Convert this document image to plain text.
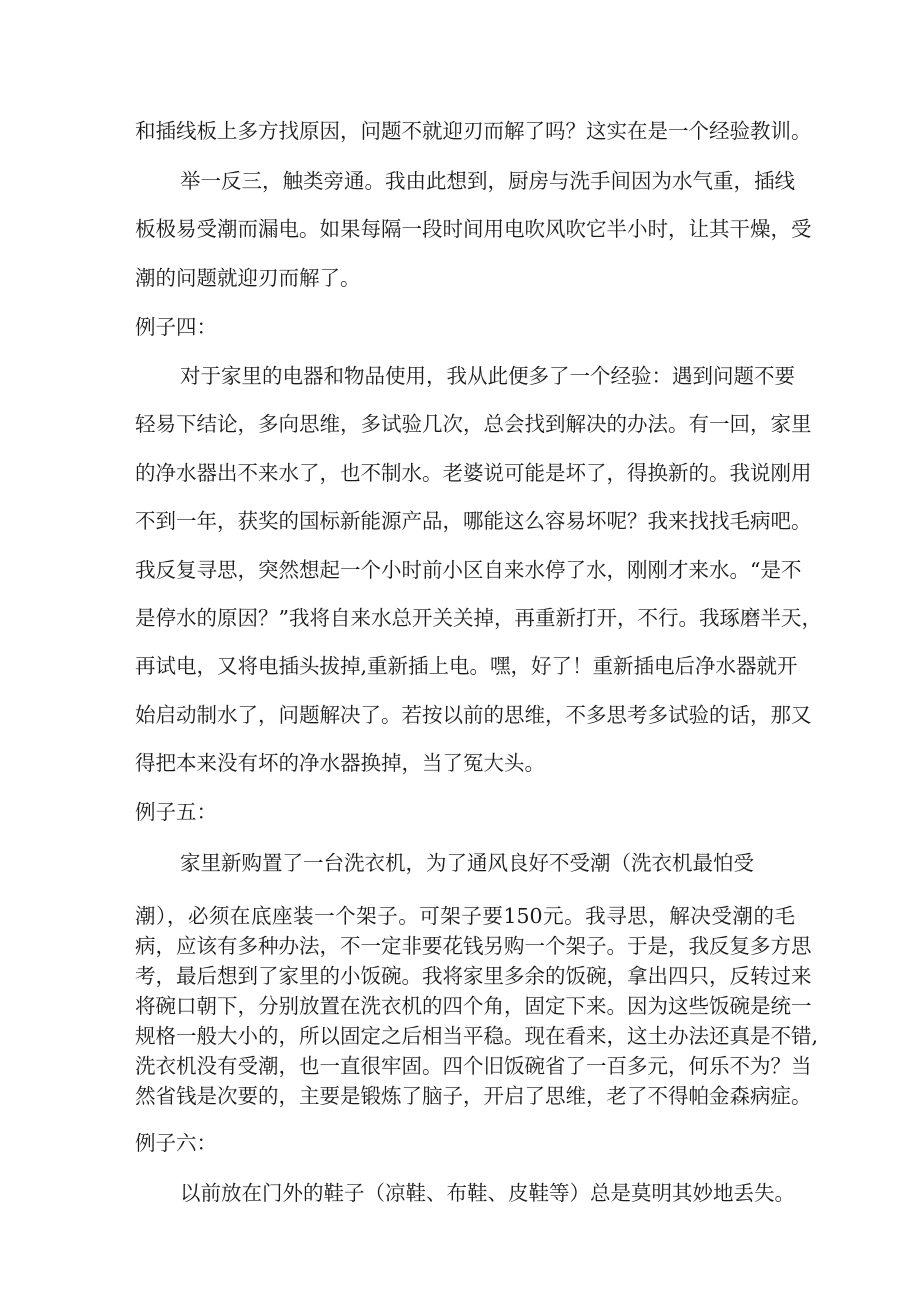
和插线板上多方找原因，问题不就迎刃而解了吗？这实在是一个经验教训。
举一反三，触类旁通。我由此想到，厨房与洗手间因为水气重，插线
板极易受潮而漏电。如果每隔一段时间用电吹风吹它半小时，让其干燥，受
潮的问题就迎刃而解了。
例子四：
对于家里的电器和物品使用，我从此便多了一个经验：遇到问题不要
轻易下结论，多向思维，多试验几次，总会找到解决的办法。有一回，家里
的净水器出不来水了，也不制水。老婆说可能是坏了，得换新的。我说刚用
不到一年，获奖的国标新能源产品，哪能这么容易坏呢？我来找找毛病吧。
我反复寻思，突然想起一个小时前小区自来水停了水，刚刚才来水。“是不
是停水的原因？”我将自来水总开关关掉，再重新打开，不行。我琢磨半天，
再试电，又将电插头拔掉,重新插上电。嘿，好了！重新插电后净水器就开
始启动制水了，问题解决了。若按以前的思维，不多思考多试验的话，那又
得把本来没有坏的净水器换掉，当了冤大头。
例子五：
家里新购置了一台洗衣机，为了通风良好不受潮（洗衣机最怕受
潮），必须在底座装一个架子。可架子要150元。我寻思，解决受潮的毛
病，应该有多种办法，不一定非要花钱另购一个架子。于是，我反复多方思
考，最后想到了家里的小饭碗。我将家里多余的饭碗，拿出四只，反转过来
将碗口朝下，分别放置在洗衣机的四个角，固定下来。因为这些饭碗是统一
规格一般大小的，所以固定之后相当平稳。现在看来，这土办法还真是不错,
洗衣机没有受潮，也一直很牢固。四个旧饭碗省了一百多元，何乐不为？当
然省钱是次要的，主要是锻炼了脑子，开启了思维，老了不得帕金森病症。
例子六：
以前放在门外的鞋子（凉鞋、布鞋、皮鞋等）总是莫明其妙地丢失。
